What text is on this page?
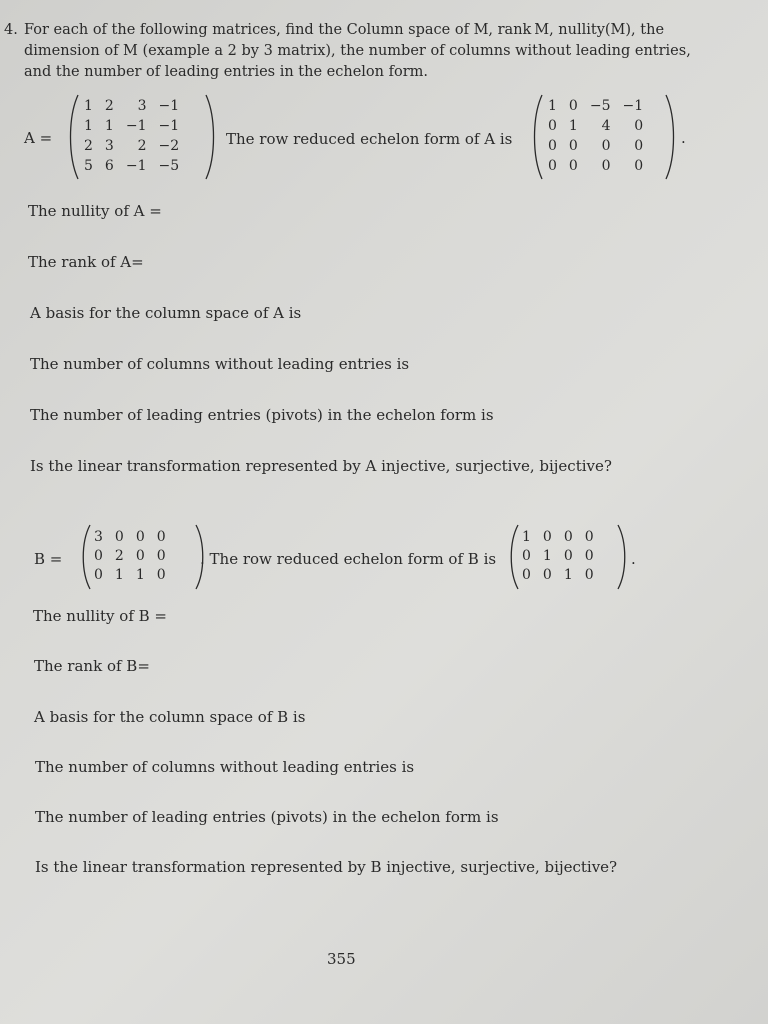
4. For each of the following matrices, find the Column space of M, rank M, nullity(M), the
dimension of M (example a 2 by 3 matrix), the number of columns without leading entries,
and the number of leading entries in the echelon form.
A =
1	2	3	−1
1	1	−1	−1
2	3	2	−2
5	6	−1	−5
The row reduced echelon form of A is
1	0	−5	−1
0	1	4	0
0	0	0	0
0	0	0	0
.
The nullity of A =
The rank of A=
A basis for the column space of A is
The number of columns without leading entries is
The number of leading entries (pivots) in the echelon form is
Is the linear transformation represented by A injective, surjective, bijective?
B =
3	0	0	0
0	2	0	0
0	1	1	0
. The row reduced echelon form of B is
1	0	0	0
0	1	0	0
0	0	1	0
.
The nullity of B =
The rank of B=
A basis for the column space of B is
The number of columns without leading entries is
The number of leading entries (pivots) in the echelon form is
Is the linear transformation represented by B injective, surjective, bijective?
355
